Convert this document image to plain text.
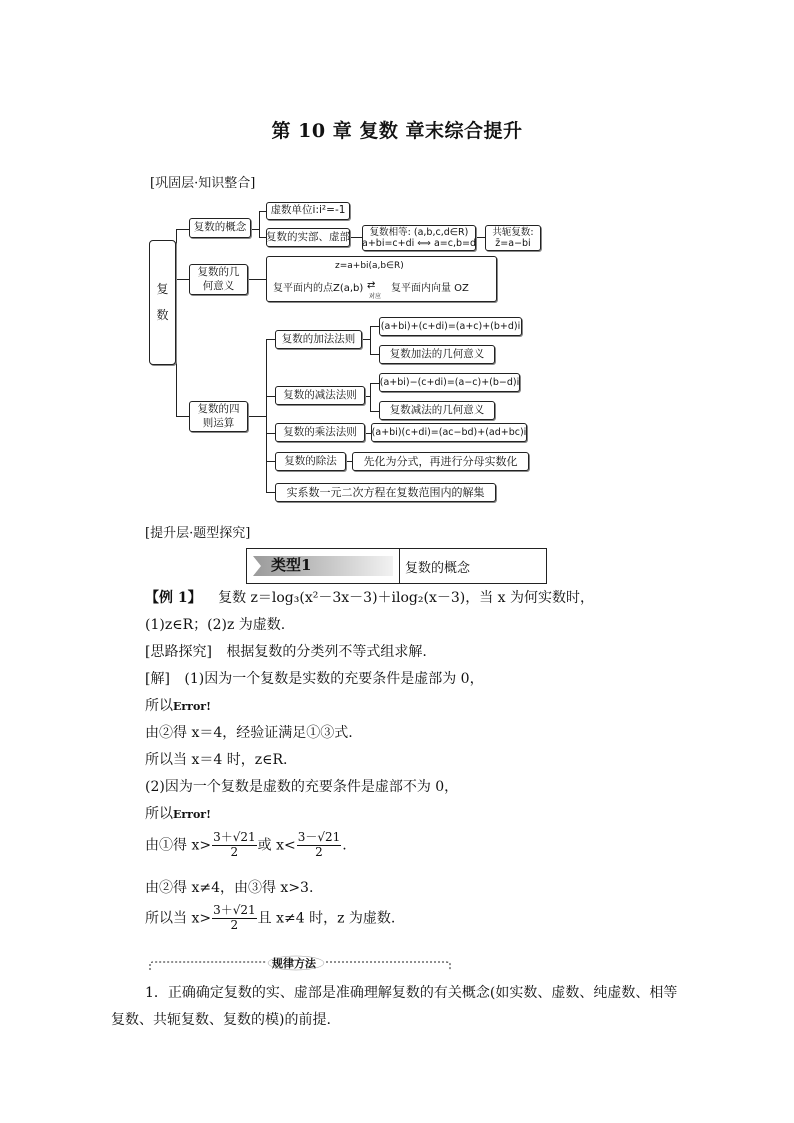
第 10 章 复数 章末综合提升
[巩固层·知识整合]
复数
复数的概念
虚数单位i:i²=-1
复数的实部、虚部 复数相等: (a,b,c,d∈R)
a+bi=c+di ⟺ a=c,b=d
共轭复数:
z̄=a−bi
复数的几何意义
z=a+bi(a,b∈R)
复平面内的点Z(a,b) ⇄
对应
复平面内向量 OZ
复数的四则运算
复数的加法法则
(a+bi)+(c+di)=(a+c)+(b+d)i
复数加法的几何意义
复数的减法法则
(a+bi)−(c+di)=(a−c)+(b−d)i
复数减法的几何意义
复数的乘法法则	(a+bi)(c+di)=(ac−bd)+(ad+bc)i
复数的除法	先化为分式，再进行分母实数化
实系数一元二次方程在复数范围内的解集
[提升层·题型探究]
类型1	复数的概念
【例 1】 复数 z＝log₃(x²－3x－3)＋ilog₂(x－3)，当 x 为何实数时，
(1)z∈R；(2)z 为虚数.
[思路探究] 根据复数的分类列不等式组求解.
[解] (1)因为一个复数是实数的充要条件是虚部为 0，
所以Error!
由②得 x＝4，经验证满足①③式.
所以当 x＝4 时，z∈R.
(2)因为一个复数是虚数的充要条件是虚部不为 0，
所以Error!
由①得 $x> \frac{3+√21}{2}$ 或 $x< \frac{3-√21}{2}$ .
由②得 x≠4，由③得 x>3.
所以当 $x> \frac{3+√21}{2}$ 且 x≠4 时，z 为虚数.
规律方法
1．正确确定复数的实、虚部是准确理解复数的有关概念(如实数、虚数、纯虚数、相等
复数、共轭复数、复数的模)的前提.
